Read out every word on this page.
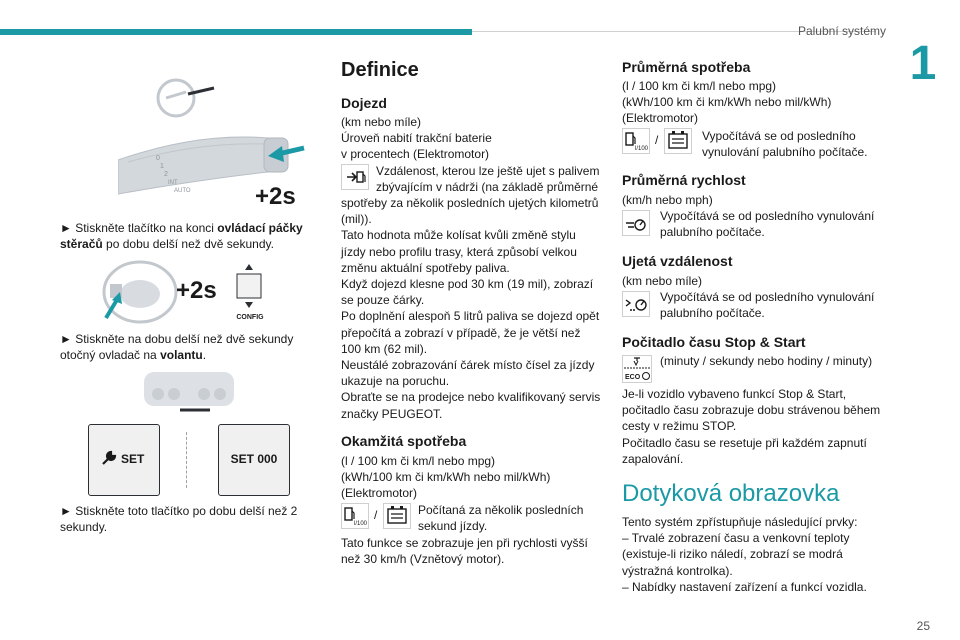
Palubní systémy
1
25
0
1
2
INT
AUTO	+2s
► Stiskněte tlačítko na konci ovládací páčky stěračů po dobu delší než dvě sekundy.
+2s
CONFIG
► Stiskněte na dobu delší než dvě sekundy otočný ovladač na volantu.
SET	SET 000
► Stiskněte toto tlačítko po dobu delší než 2 sekundy.
Definice
Dojezd
(km nebo míle)
Úroveň nabití trakční baterie
v procentech (Elektromotor)
Vzdálenost, kterou lze ještě ujet s palivem
zbývajícím v nádrži (na základě průměrné
spotřeby za několik posledních ujetých kilometrů
(mil)).
Tato hodnota může kolísat kvůli změně stylu
jízdy nebo profilu trasy, která způsobí velkou
změnu aktuální spotřeby paliva.
Když dojezd klesne pod 30 km (19 mil), zobrazí
se pouze čárky.
Po doplnění alespoň 5 litrů paliva se dojezd opět
přepočítá a zobrazí v případě, že je větší než
100 km (62 mil).
Neustálé zobrazování čárek místo čísel za jízdy
ukazuje na poruchu.
Obraťte se na prodejce nebo kvalifikovaný servis
značky PEUGEOT.
Okamžitá spotřeba
(l / 100 km či km/l nebo mpg)
(kWh/100 km či km/kWh nebo mil/kWh)
(Elektromotor)
l/100
/	Počítaná za několik posledních
sekund jízdy.
Tato funkce se zobrazuje jen při rychlosti vyšší
než 30 km/h (Vznětový motor).
Průměrná spotřeba
(l / 100 km či km/l nebo mpg)
(kWh/100 km či km/kWh nebo mil/kWh)
(Elektromotor)
l/100
/	Vypočítává se od posledního
vynulování palubního počítače.
Průměrná rychlost
(km/h nebo mph)
Vypočítává se od posledního vynulování
palubního počítače.
Ujetá vzdálenost
(km nebo míle)
Vypočítává se od posledního vynulování
palubního počítače.
Počitadlo času Stop & Start
ECO
(minuty / sekundy nebo hodiny / minuty)
Je-li vozidlo vybaveno funkcí Stop & Start,
počitadlo času zobrazuje dobu strávenou během
cesty v režimu STOP.
Počitadlo času se resetuje při každém zapnutí
zapalování.
Dotyková obrazovka
Tento systém zpřístupňuje následující prvky:
– Trvalé zobrazení času a venkovní teploty
(existuje-li riziko náledí, zobrazí se modrá
výstražná kontrolka).
– Nabídky nastavení zařízení a funkcí vozidla.
